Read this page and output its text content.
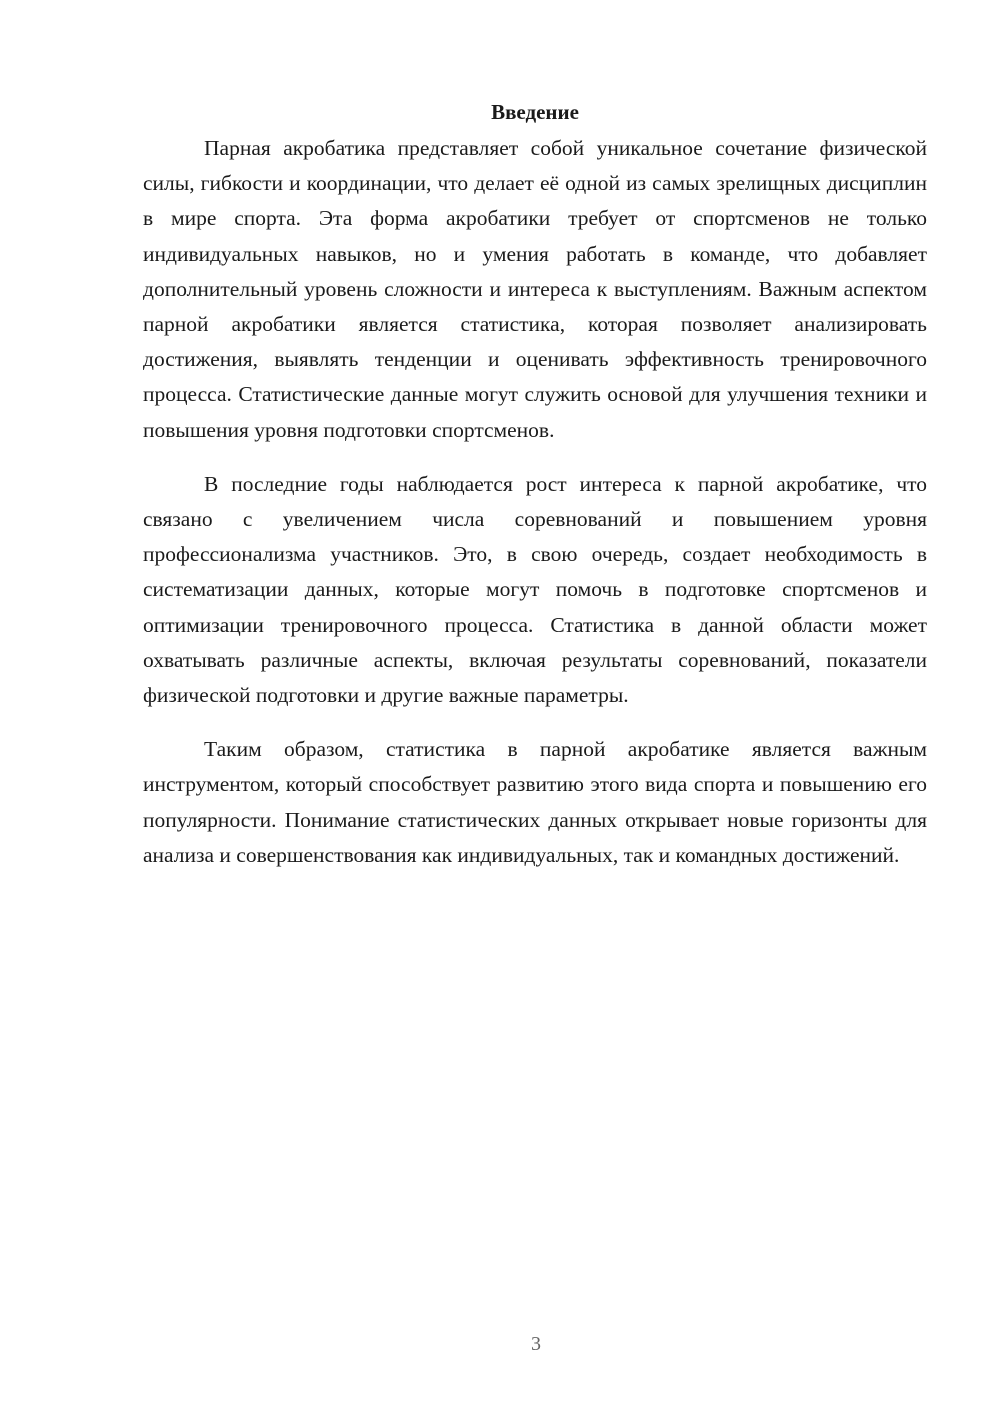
Введение

Парная акробатика представляет собой уникальное сочетание физической силы, гибкости и координации, что делает её одной из самых зрелищных дисциплин в мире спорта. Эта форма акробатики требует от спортсменов не только индивидуальных навыков, но и умения работать в команде, что добавляет дополнительный уровень сложности и интереса к выступлениям. Важным аспектом парной акробатики является статистика, которая позволяет анализировать достижения, выявлять тенденции и оценивать эффективность тренировочного процесса. Статистические данные могут служить основой для улучшения техники и повышения уровня подготовки спортсменов.

В последние годы наблюдается рост интереса к парной акробатике, что связано с увеличением числа соревнований и повышением уровня профессионализма участников. Это, в свою очередь, создает необходимость в систематизации данных, которые могут помочь в подготовке спортсменов и оптимизации тренировочного процесса. Статистика в данной области может охватывать различные аспекты, включая результаты соревнований, показатели физической подготовки и другие важные параметры.

Таким образом, статистика в парной акробатике является важным инструментом, который способствует развитию этого вида спорта и повышению его популярности. Понимание статистических данных открывает новые горизонты для анализа и совершенствования как индивидуальных, так и командных достижений.

3
